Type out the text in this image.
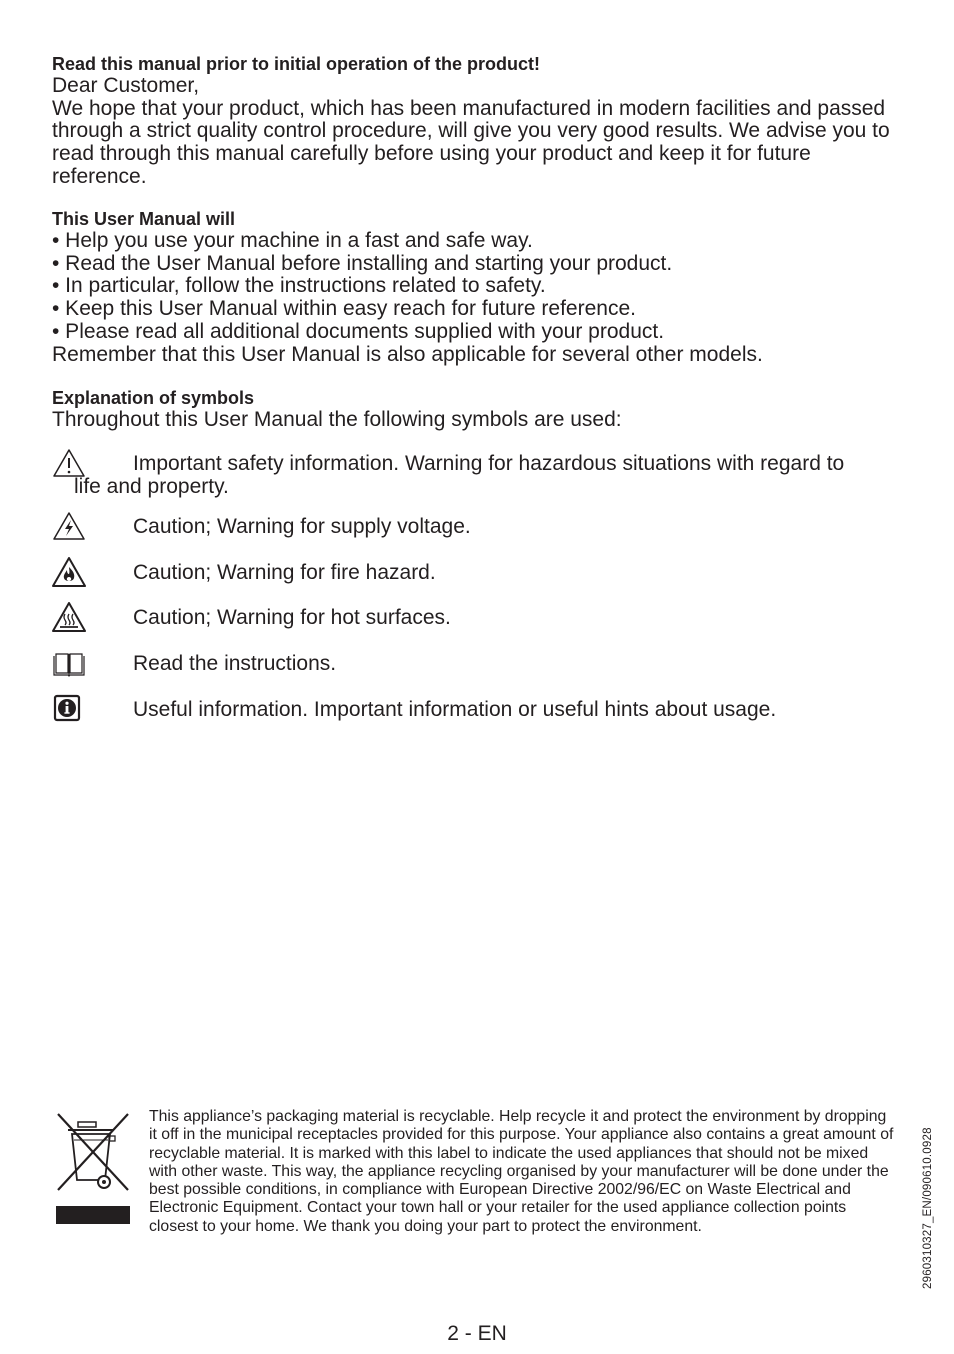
Read this manual prior to initial operation of the product!

Dear Customer,

We hope that your product, which has been manufactured in modern facilities and passed through a strict quality control procedure, will give you very good results. We advise you to read through this manual carefully before using your product and keep it for future reference.

This User Manual will

• Help you use your machine in a fast and safe way.

• Read the User Manual before installing and starting your product.

• In particular, follow the instructions related to safety.

• Keep this User Manual within easy reach for future reference.

• Please read all additional documents supplied with your product.

Remember that this User Manual is also applicable for several other models.

Explanation of symbols

Throughout this User Manual the following symbols are used:

Important safety information. Warning for hazardous situations with regard to
life and property.
Caution; Warning for supply voltage.
Caution; Warning for fire hazard.
Caution; Warning for hot surfaces.
Read the instructions.
Useful information. Important information or useful hints about usage.
This appliance’s packaging material is recyclable. Help recycle it and protect the environment by dropping it off in the municipal receptacles provided for this purpose. Your appliance also contains a great amount of recyclable material. It is marked with this label to indicate the used appliances that should not be mixed with other waste. This way, the appliance recycling organised by your manufacturer will be done under the best possible conditions, in compliance with European Directive 2002/96/EC on Waste Electrical and Electronic Equipment. Contact your town hall or your retailer for the used appliance collection points closest to your home. We thank you doing your part to protect the environment.	2960310327_EN/090610.0928
2 - EN
